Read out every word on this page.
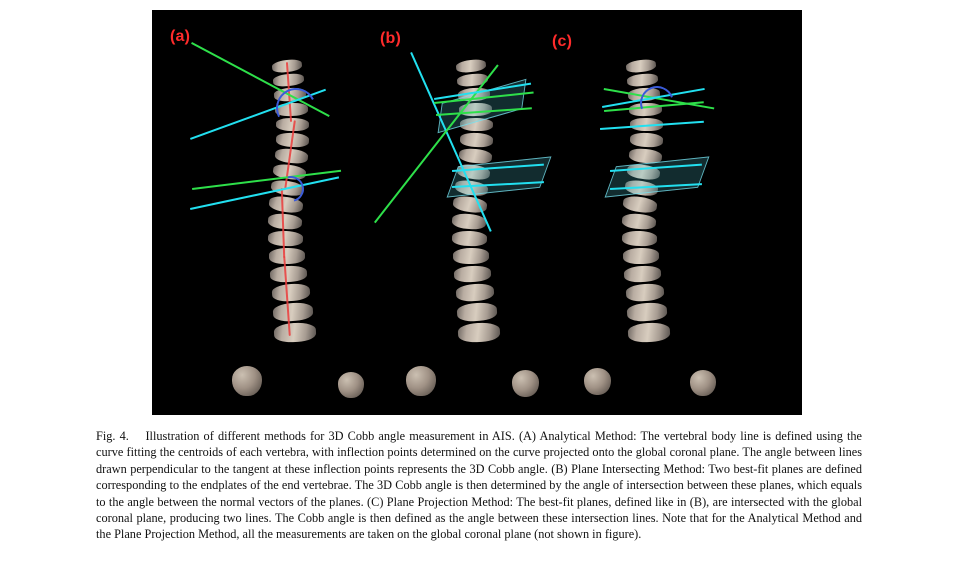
(a)	(b)	(c)
Fig. 4. Illustration of different methods for 3D Cobb angle measurement in AIS. (A) Analytical Method: The vertebral body line is defined using the curve fitting the centroids of each vertebra, with inflection points determined on the curve projected onto the global coronal plane. The angle between lines drawn perpendicular to the tangent at these inflection points represents the 3D Cobb angle. (B) Plane Intersecting Method: Two best-fit planes are defined corresponding to the endplates of the end vertebrae. The 3D Cobb angle is then determined by the angle of intersection between these planes, which equals to the angle between the normal vectors of the planes. (C) Plane Projection Method: The best-fit planes, defined like in (B), are intersected with the global coronal plane, producing two lines. The Cobb angle is then defined as the angle between these intersection lines. Note that for the Analytical Method and the Plane Projection Method, all the measurements are taken on the global coronal plane (not shown in figure).
